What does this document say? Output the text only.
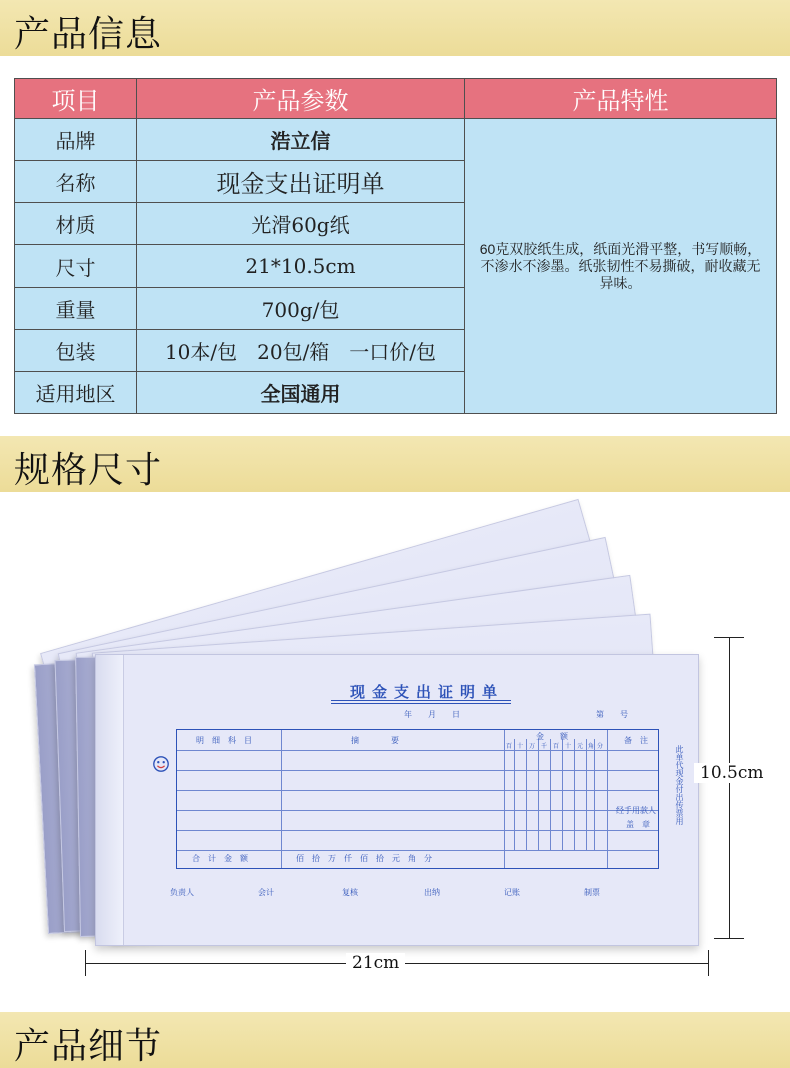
产品信息
项目	产品参数	产品特性
品牌	浩立信	60克双胶纸生成，纸面光滑平整，书写顺畅，不渗水不渗墨。纸张韧性不易撕破，耐收藏无异味。
名称	现金支出证明单	
材质	光滑60g纸	
尺寸	21*10.5cm	
重量	700g/包	
包装	10本/包　20包/箱　一口价/包	
适用地区	全国通用	
规格尺寸
现金支出证明单
年　　月　　日	第　　号
明　细　科　目	摘　　　　要	金　　额	备　注
百 十 万 千 百 十 元 角 分
经手用款人
盖　章
合　计　金　额	佰　拾　万　仟　佰　拾　元　角　分
此单代现金付出传票用
负责人	会计	复核	出纳	记账	制票
10.5cm
21cm
产品细节
